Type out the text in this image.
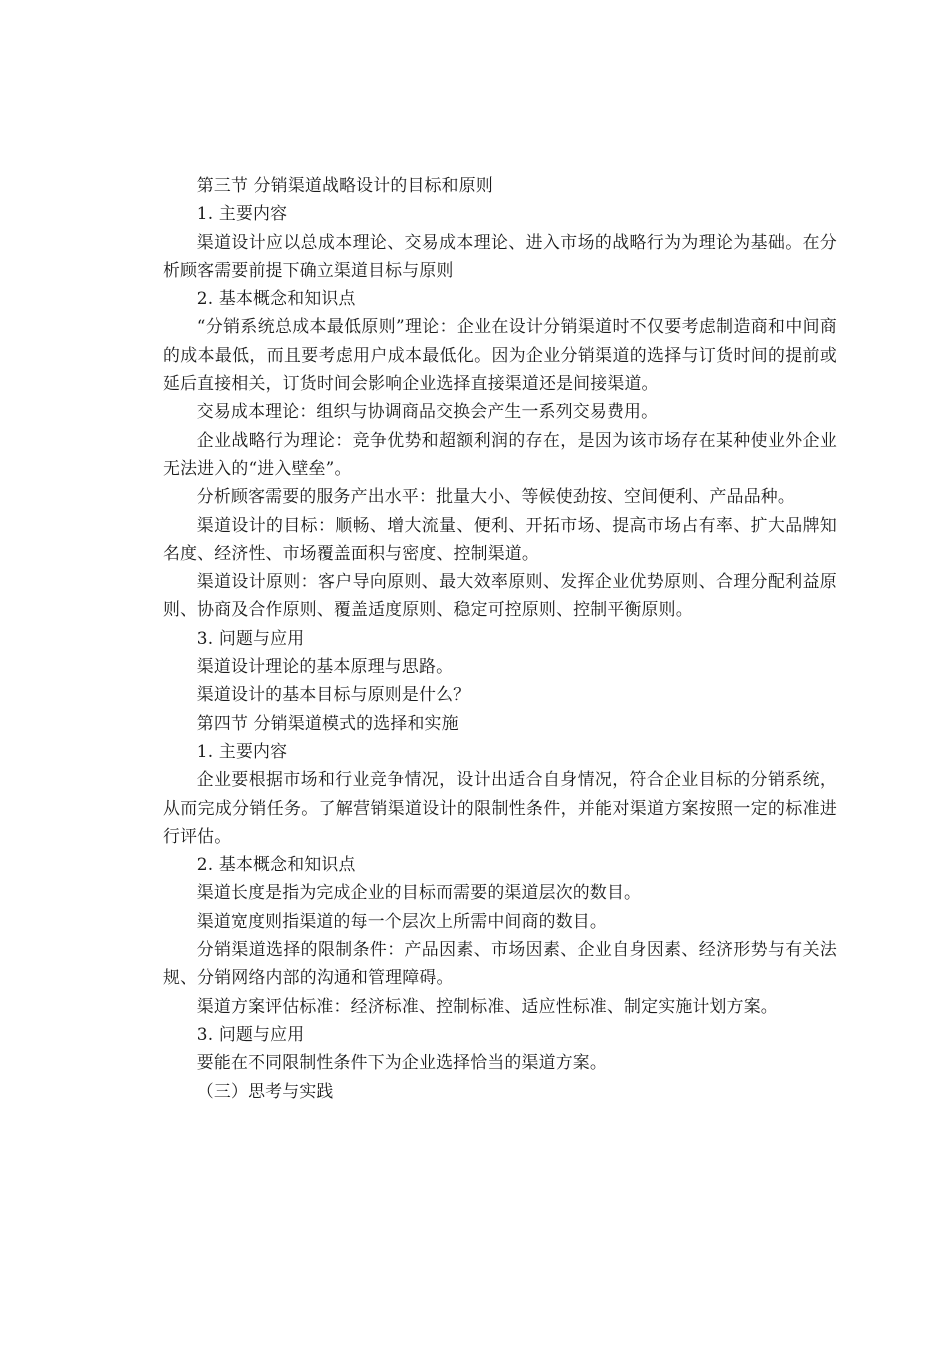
第三节 分销渠道战略设计的目标和原则

1. 主要内容

渠道设计应以总成本理论、交易成本理论、进入市场的战略行为为理论为基础。在分析顾客需要前提下确立渠道目标与原则

2. 基本概念和知识点

“分销系统总成本最低原则”理论：企业在设计分销渠道时不仅要考虑制造商和中间商的成本最低，而且要考虑用户成本最低化。因为企业分销渠道的选择与订货时间的提前或延后直接相关，订货时间会影响企业选择直接渠道还是间接渠道。

交易成本理论：组织与协调商品交换会产生一系列交易费用。

企业战略行为理论：竞争优势和超额利润的存在，是因为该市场存在某种使业外企业无法进入的“进入壁垒”。

分析顾客需要的服务产出水平：批量大小、等候使劲按、空间便利、产品品种。

渠道设计的目标：顺畅、增大流量、便利、开拓市场、提高市场占有率、扩大品牌知名度、经济性、市场覆盖面积与密度、控制渠道。

渠道设计原则：客户导向原则、最大效率原则、发挥企业优势原则、合理分配利益原则、协商及合作原则、覆盖适度原则、稳定可控原则、控制平衡原则。

3. 问题与应用

渠道设计理论的基本原理与思路。

渠道设计的基本目标与原则是什么？

第四节 分销渠道模式的选择和实施

1. 主要内容

企业要根据市场和行业竞争情况，设计出适合自身情况，符合企业目标的分销系统，从而完成分销任务。了解营销渠道设计的限制性条件，并能对渠道方案按照一定的标准进行评估。

2. 基本概念和知识点

渠道长度是指为完成企业的目标而需要的渠道层次的数目。

渠道宽度则指渠道的每一个层次上所需中间商的数目。

分销渠道选择的限制条件：产品因素、市场因素、企业自身因素、经济形势与有关法规、分销网络内部的沟通和管理障碍。

渠道方案评估标准：经济标准、控制标准、适应性标准、制定实施计划方案。

3. 问题与应用

要能在不同限制性条件下为企业选择恰当的渠道方案。

（三）思考与实践
